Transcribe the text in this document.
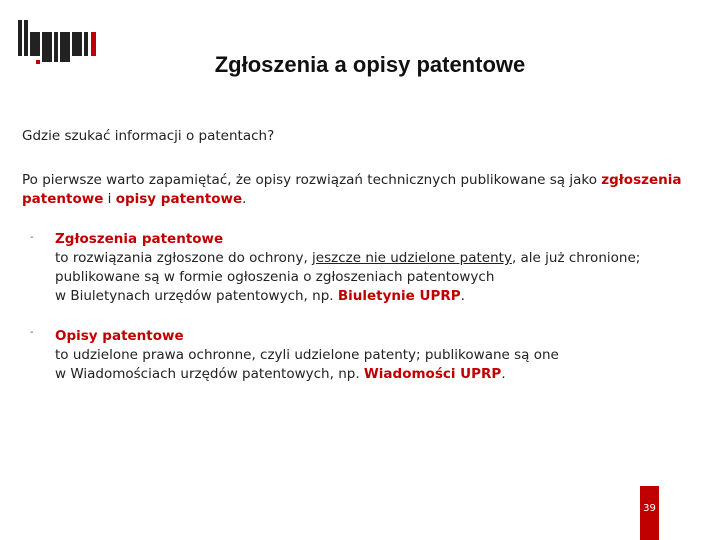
Zgłoszenia a opisy patentowe
Gdzie szukać informacji o patentach?
Po pierwsze warto zapamiętać, że opisy rozwiązań technicznych publikowane są jako zgłoszenia patentowe i opisy patentowe.
- Zgłoszenia patentowe
to rozwiązania zgłoszone do ochrony, jeszcze nie udzielone patenty, ale już chronione;
publikowane są w formie ogłoszenia o zgłoszeniach patentowych
w Biuletynach urzędów patentowych, np. Biuletynie UPRP.
- Opisy patentowe
to udzielone prawa ochronne, czyli udzielone patenty; publikowane są one
w Wiadomościach urzędów patentowych, np. Wiadomości UPRP.
39
